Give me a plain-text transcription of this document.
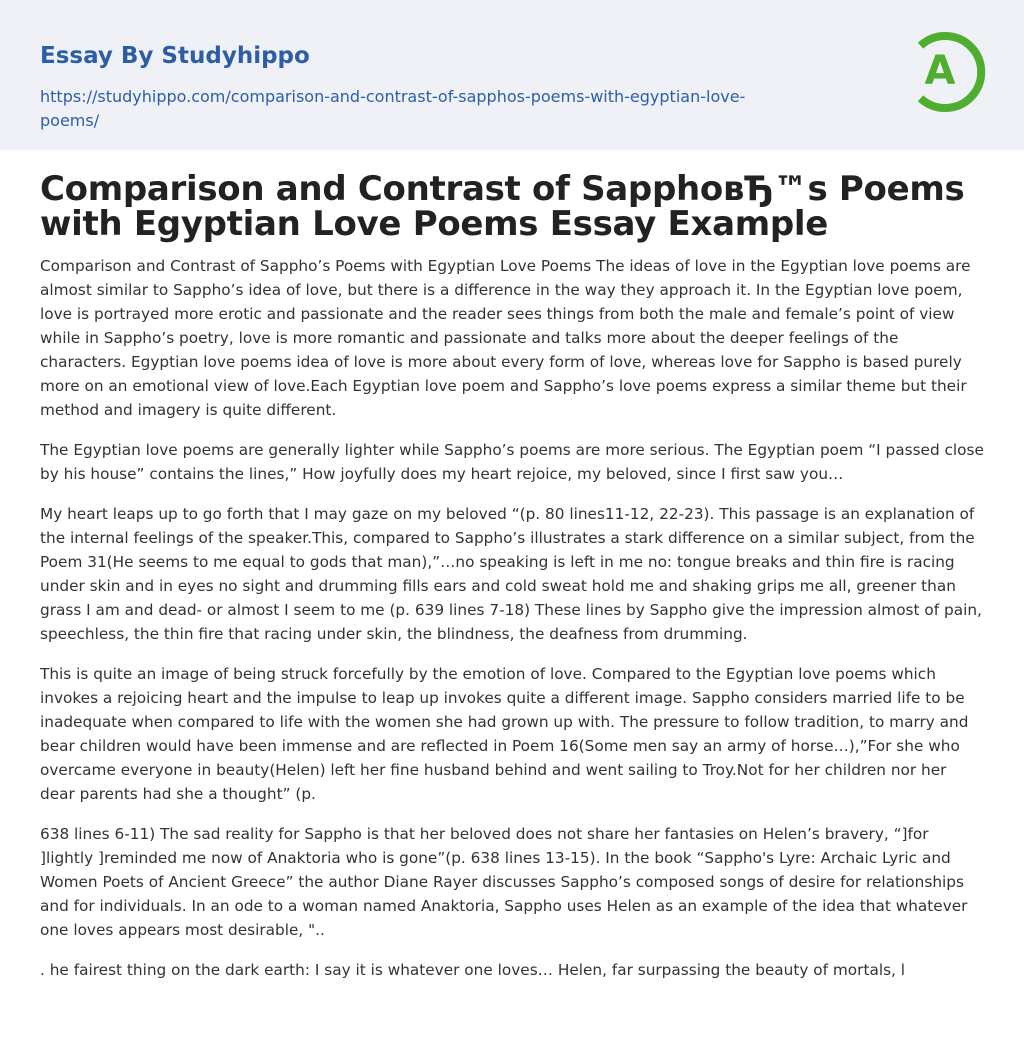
Essay By Studyhippo
https://studyhippo.com/comparison-and-contrast-of-sapphos-poems-with-egyptian-love-poems/
A
Comparison and Contrast of SapphoвЂ™s Poems with Egyptian Love Poems Essay Example

Comparison and Contrast of Sappho’s Poems with Egyptian Love Poems The ideas of love in the Egyptian love poems are almost similar to Sappho’s idea of love, but there is a difference in the way they approach it. In the Egyptian love poem, love is portrayed more erotic and passionate and the reader sees things from both the male and female’s point of view while in Sappho’s poetry, love is more romantic and passionate and talks more about the deeper feelings of the characters. Egyptian love poems idea of love is more about every form of love, whereas love for Sappho is based purely more on an emotional view of love.Each Egyptian love poem and Sappho’s love poems express a similar theme but their method and imagery is quite different.

The Egyptian love poems are generally lighter while Sappho’s poems are more serious. The Egyptian poem “I passed close by his house” contains the lines,” How joyfully does my heart rejoice, my beloved, since I first saw you…

My heart leaps up to go forth that I may gaze on my beloved “(p. 80 lines11-12, 22-23). This passage is an explanation of the internal feelings of the speaker.This, compared to Sappho’s illustrates a stark difference on a similar subject, from the Poem 31(He seems to me equal to gods that man),”…no speaking is left in me no: tongue breaks and thin fire is racing under skin and in eyes no sight and drumming fills ears and cold sweat hold me and shaking grips me all, greener than grass I am and dead- or almost I seem to me (p. 639 lines 7-18) These lines by Sappho give the impression almost of pain, speechless, the thin fire that racing under skin, the blindness, the deafness from drumming.

This is quite an image of being struck forcefully by the emotion of love. Compared to the Egyptian love poems which invokes a rejoicing heart and the impulse to leap up invokes quite a different image. Sappho considers married life to be inadequate when compared to life with the women she had grown up with. The pressure to follow tradition, to marry and bear children would have been immense and are reflected in Poem 16(Some men say an army of horse…),”For she who overcame everyone in beauty(Helen) left her fine husband behind and went sailing to Troy.Not for her children nor her dear parents had she a thought” (p.

638 lines 6-11) The sad reality for Sappho is that her beloved does not share her fantasies on Helen’s bravery, “]for ]lightly ]reminded me now of Anaktoria who is gone”(p. 638 lines 13-15). In the book “Sappho's Lyre: Archaic Lyric and Women Poets of Ancient Greece” the author Diane Rayer discusses Sappho’s composed songs of desire for relationships and for individuals. In an ode to a woman named Anaktoria, Sappho uses Helen as an example of the idea that whatever one loves appears most desirable, "..

. he fairest thing on the dark earth: I say it is whatever one loves… Helen, far surpassing the beauty of mortals, l
